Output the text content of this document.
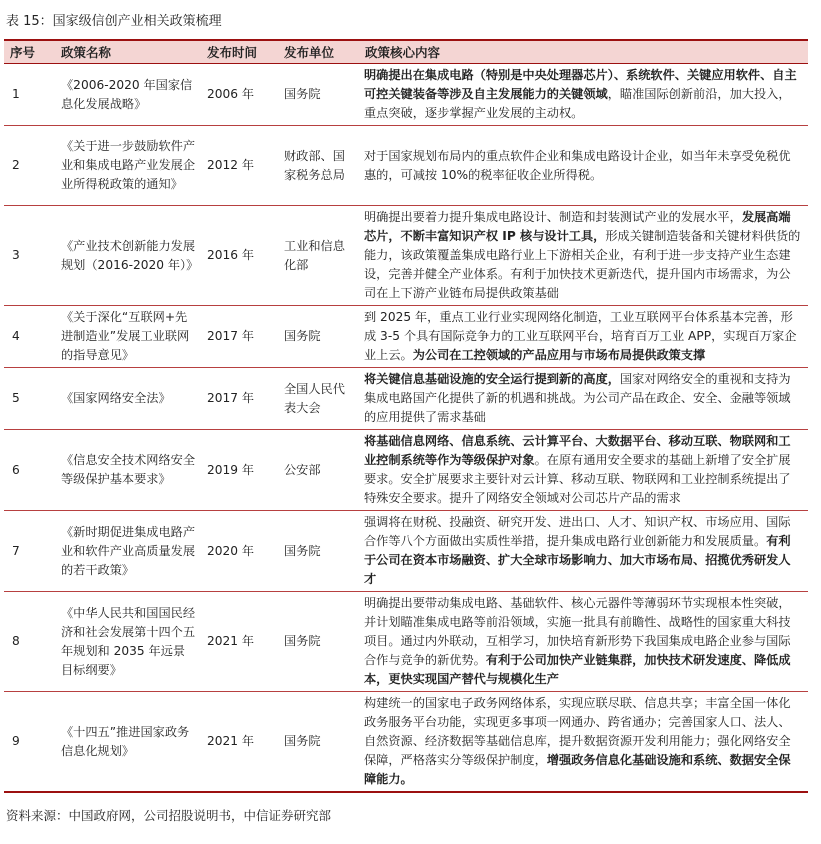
表 15：国家级信创产业相关政策梳理
序号	政策名称	发布时间	发布单位	政策核心内容
1	《2006-2020 年国家信息化发展战略》	2006 年	国务院	明确提出在集成电路（特别是中央处理器芯片）、系统软件、关键应用软件、自主可控关键装备等涉及自主发展能力的关键领域，瞄准国际创新前沿，加大投入，重点突破，逐步掌握产业发展的主动权。
2	《关于进一步鼓励软件产业和集成电路产业发展企业所得税政策的通知》	2012 年	财政部、国家税务总局	对于国家规划布局内的重点软件企业和集成电路设计企业，如当年未享受免税优惠的，可减按 10%的税率征收企业所得税。
3	《产业技术创新能力发展规划（2016-2020 年）》	2016 年	工业和信息化部	明确提出要着力提升集成电路设计、制造和封装测试产业的发展水平，发展高端芯片，不断丰富知识产权 IP 核与设计工具，形成关键制造装备和关键材料供货的能力，该政策覆盖集成电路行业上下游相关企业，有利于进一步支持产业生态建设，完善并健全产业体系。有利于加快技术更新迭代，提升国内市场需求，为公司在上下游产业链布局提供政策基础
4	《关于深化“互联网+先进制造业”发展工业联网的指导意见》	2017 年	国务院	到 2025 年，重点工业行业实现网络化制造，工业互联网平台体系基本完善，形成 3-5 个具有国际竞争力的工业互联网平台，培育百万工业 APP，实现百万家企业上云。为公司在工控领域的产品应用与市场布局提供政策支撑
5	《国家网络安全法》	2017 年	全国人民代表大会	将关键信息基础设施的安全运行提到新的高度，国家对网络安全的重视和支持为集成电路国产化提供了新的机遇和挑战。为公司产品在政企、安全、金融等领域的应用提供了需求基础
6	《信息安全技术网络安全等级保护基本要求》	2019 年	公安部	将基础信息网络、信息系统、云计算平台、大数据平台、移动互联、物联网和工业控制系统等作为等级保护对象。在原有通用安全要求的基础上新增了安全扩展要求。安全扩展要求主要针对云计算、移动互联、物联网和工业控制系统提出了特殊安全要求。提升了网络安全领域对公司芯片产品的需求
7	《新时期促进集成电路产业和软件产业高质量发展的若干政策》	2020 年	国务院	强调将在财税、投融资、研究开发、进出口、人才、知识产权、市场应用、国际合作等八个方面做出实质性举措，提升集成电路行业创新能力和发展质量。有利于公司在资本市场融资、扩大全球市场影响力、加大市场布局、招揽优秀研发人才
8	《中华人民共和国国民经济和社会发展第十四个五年规划和 2035 年远景目标纲要》	2021 年	国务院	明确提出要带动集成电路、基础软件、核心元器件等薄弱环节实现根本性突破，并计划瞄准集成电路等前沿领域，实施一批具有前瞻性、战略性的国家重大科技项目。通过内外联动，互相学习，加快培育新形势下我国集成电路企业参与国际合作与竞争的新优势。有利于公司加快产业链集群，加快技术研发速度、降低成本，更快实现国产替代与规模化生产
9	《十四五”推进国家政务信息化规划》	2021 年	国务院	构建统一的国家电子政务网络体系，实现应联尽联、信息共享；丰富全国一体化政务服务平台功能，实现更多事项一网通办、跨省通办；完善国家人口、法人、自然资源、经济数据等基础信息库，提升数据资源开发利用能力；强化网络安全保障，严格落实分等级保护制度，增强政务信息化基础设施和系统、数据安全保障能力。
资料来源：中国政府网，公司招股说明书，中信证券研究部
